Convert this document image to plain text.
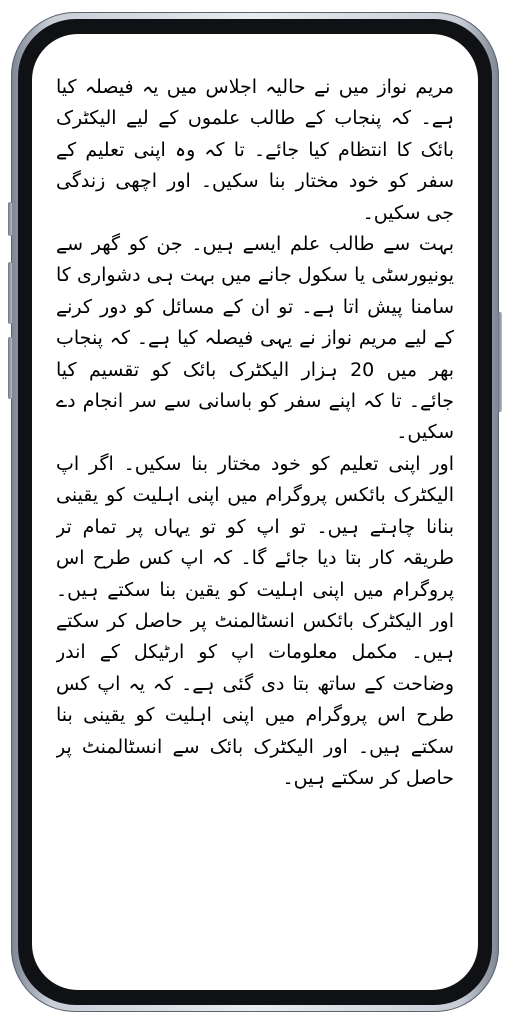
مریم نواز میں نے حالیہ اجلاس میں یہ فیصلہ کیا ہے۔ کہ پنجاب کے طالب علموں کے لیے الیکٹرک بائک کا انتظام کیا جائے۔ تا کہ وہ اپنی تعلیم کے سفر کو خود مختار بنا سکیں۔ اور اچھی زندگی جی سکیں۔

بہت سے طالب علم ایسے ہیں۔ جن کو گھر سے یونیورسٹی یا سکول جانے میں بہت ہی دشواری کا سامنا پیش اتا ہے۔ تو ان کے مسائل کو دور کرنے کے لیے مریم نواز نے یہی فیصلہ کیا ہے۔ کہ پنجاب بھر میں 20 ہزار الیکٹرک بائک کو تقسیم کیا جائے۔ تا کہ اپنے سفر کو باسانی سے سر انجام دے سکیں۔

اور اپنی تعلیم کو خود مختار بنا سکیں۔ اگر اپ الیکٹرک بائکس پروگرام میں اپنی اہلیت کو یقینی بنانا چاہتے ہیں۔ تو اپ کو تو یہاں پر تمام تر طریقہ کار بتا دیا جائے گا۔ کہ اپ کس طرح اس پروگرام میں اپنی اہلیت کو یقین بنا سکتے ہیں۔ اور الیکٹرک بائکس انسٹالمنٹ پر حاصل کر سکتے ہیں۔ مکمل معلومات اپ کو ارٹیکل کے اندر وضاحت کے ساتھ بتا دی گئی ہے۔ کہ یہ اپ کس طرح اس پروگرام میں اپنی اہلیت کو یقینی بنا سکتے ہیں۔ اور الیکٹرک بائک سے انسٹالمنٹ پر حاصل کر سکتے ہیں۔
